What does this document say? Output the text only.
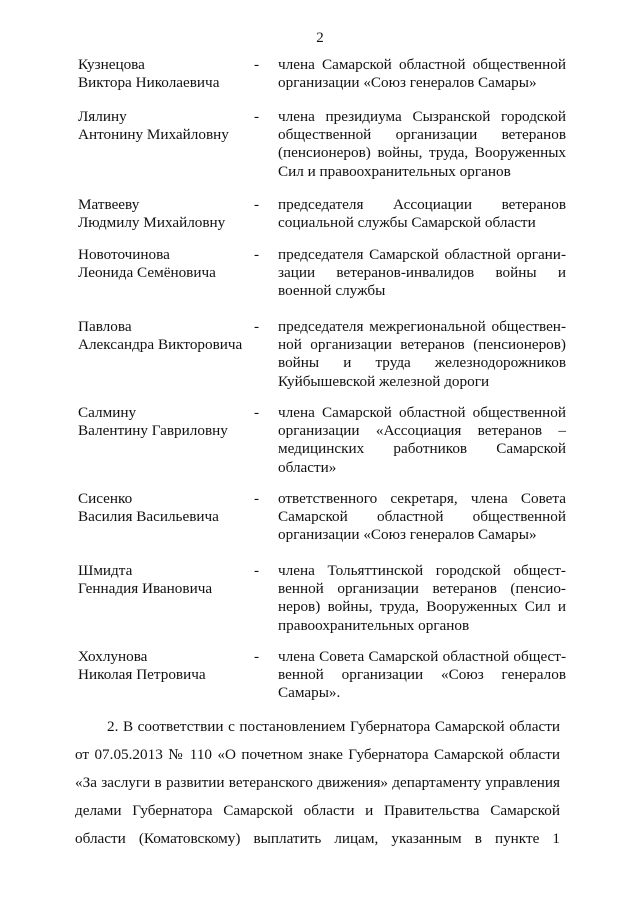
2
Кузнецова
Виктора Николаевича
-	члена Самарской областной общественной
организации «Союз генералов Самары»
Лялину
Антонину Михайловну
-	члена президиума Сызранской городской
общественной организации ветеранов
(пенсионеров) войны, труда, Вооруженных
Сил и правоохранительных органов
Матвееву
Людмилу Михайловну
-	председателя Ассоциации ветеранов
социальной службы Самарской области
Новоточинова
Леонида Семёновича
-	председателя Самарской областной органи-
зации ветеранов-инвалидов войны и
военной службы
Павлова
Александра Викторовича
-	председателя межрегиональной обществен-
ной организации ветеранов (пенсионеров)
войны и труда железнодорожников
Куйбышевской железной дороги
Салмину
Валентину Гавриловну
-	члена Самарской областной общественной
организации «Ассоциация ветеранов –
медицинских работников Самарской
области»
Сисенко
Василия Васильевича
-	ответственного секретаря, члена Совета
Самарской областной общественной
организации «Союз генералов Самары»
Шмидта
Геннадия Ивановича
-	члена Тольяттинской городской общест-
венной организации ветеранов (пенсио-
неров) войны, труда, Вооруженных Сил и
правоохранительных органов
Хохлунова
Николая Петровича
-	члена Совета Самарской областной общест-
венной организации «Союз генералов
Самары».
2. В соответствии с постановлением Губернатора Самарской области
от 07.05.2013 № 110 «О почетном знаке Губернатора Самарской области
«За заслуги в развитии ветеранского движения» департаменту управления
делами Губернатора Самарской области и Правительства Самарской
области (Коматовскому) выплатить лицам, указанным в пункте 1
